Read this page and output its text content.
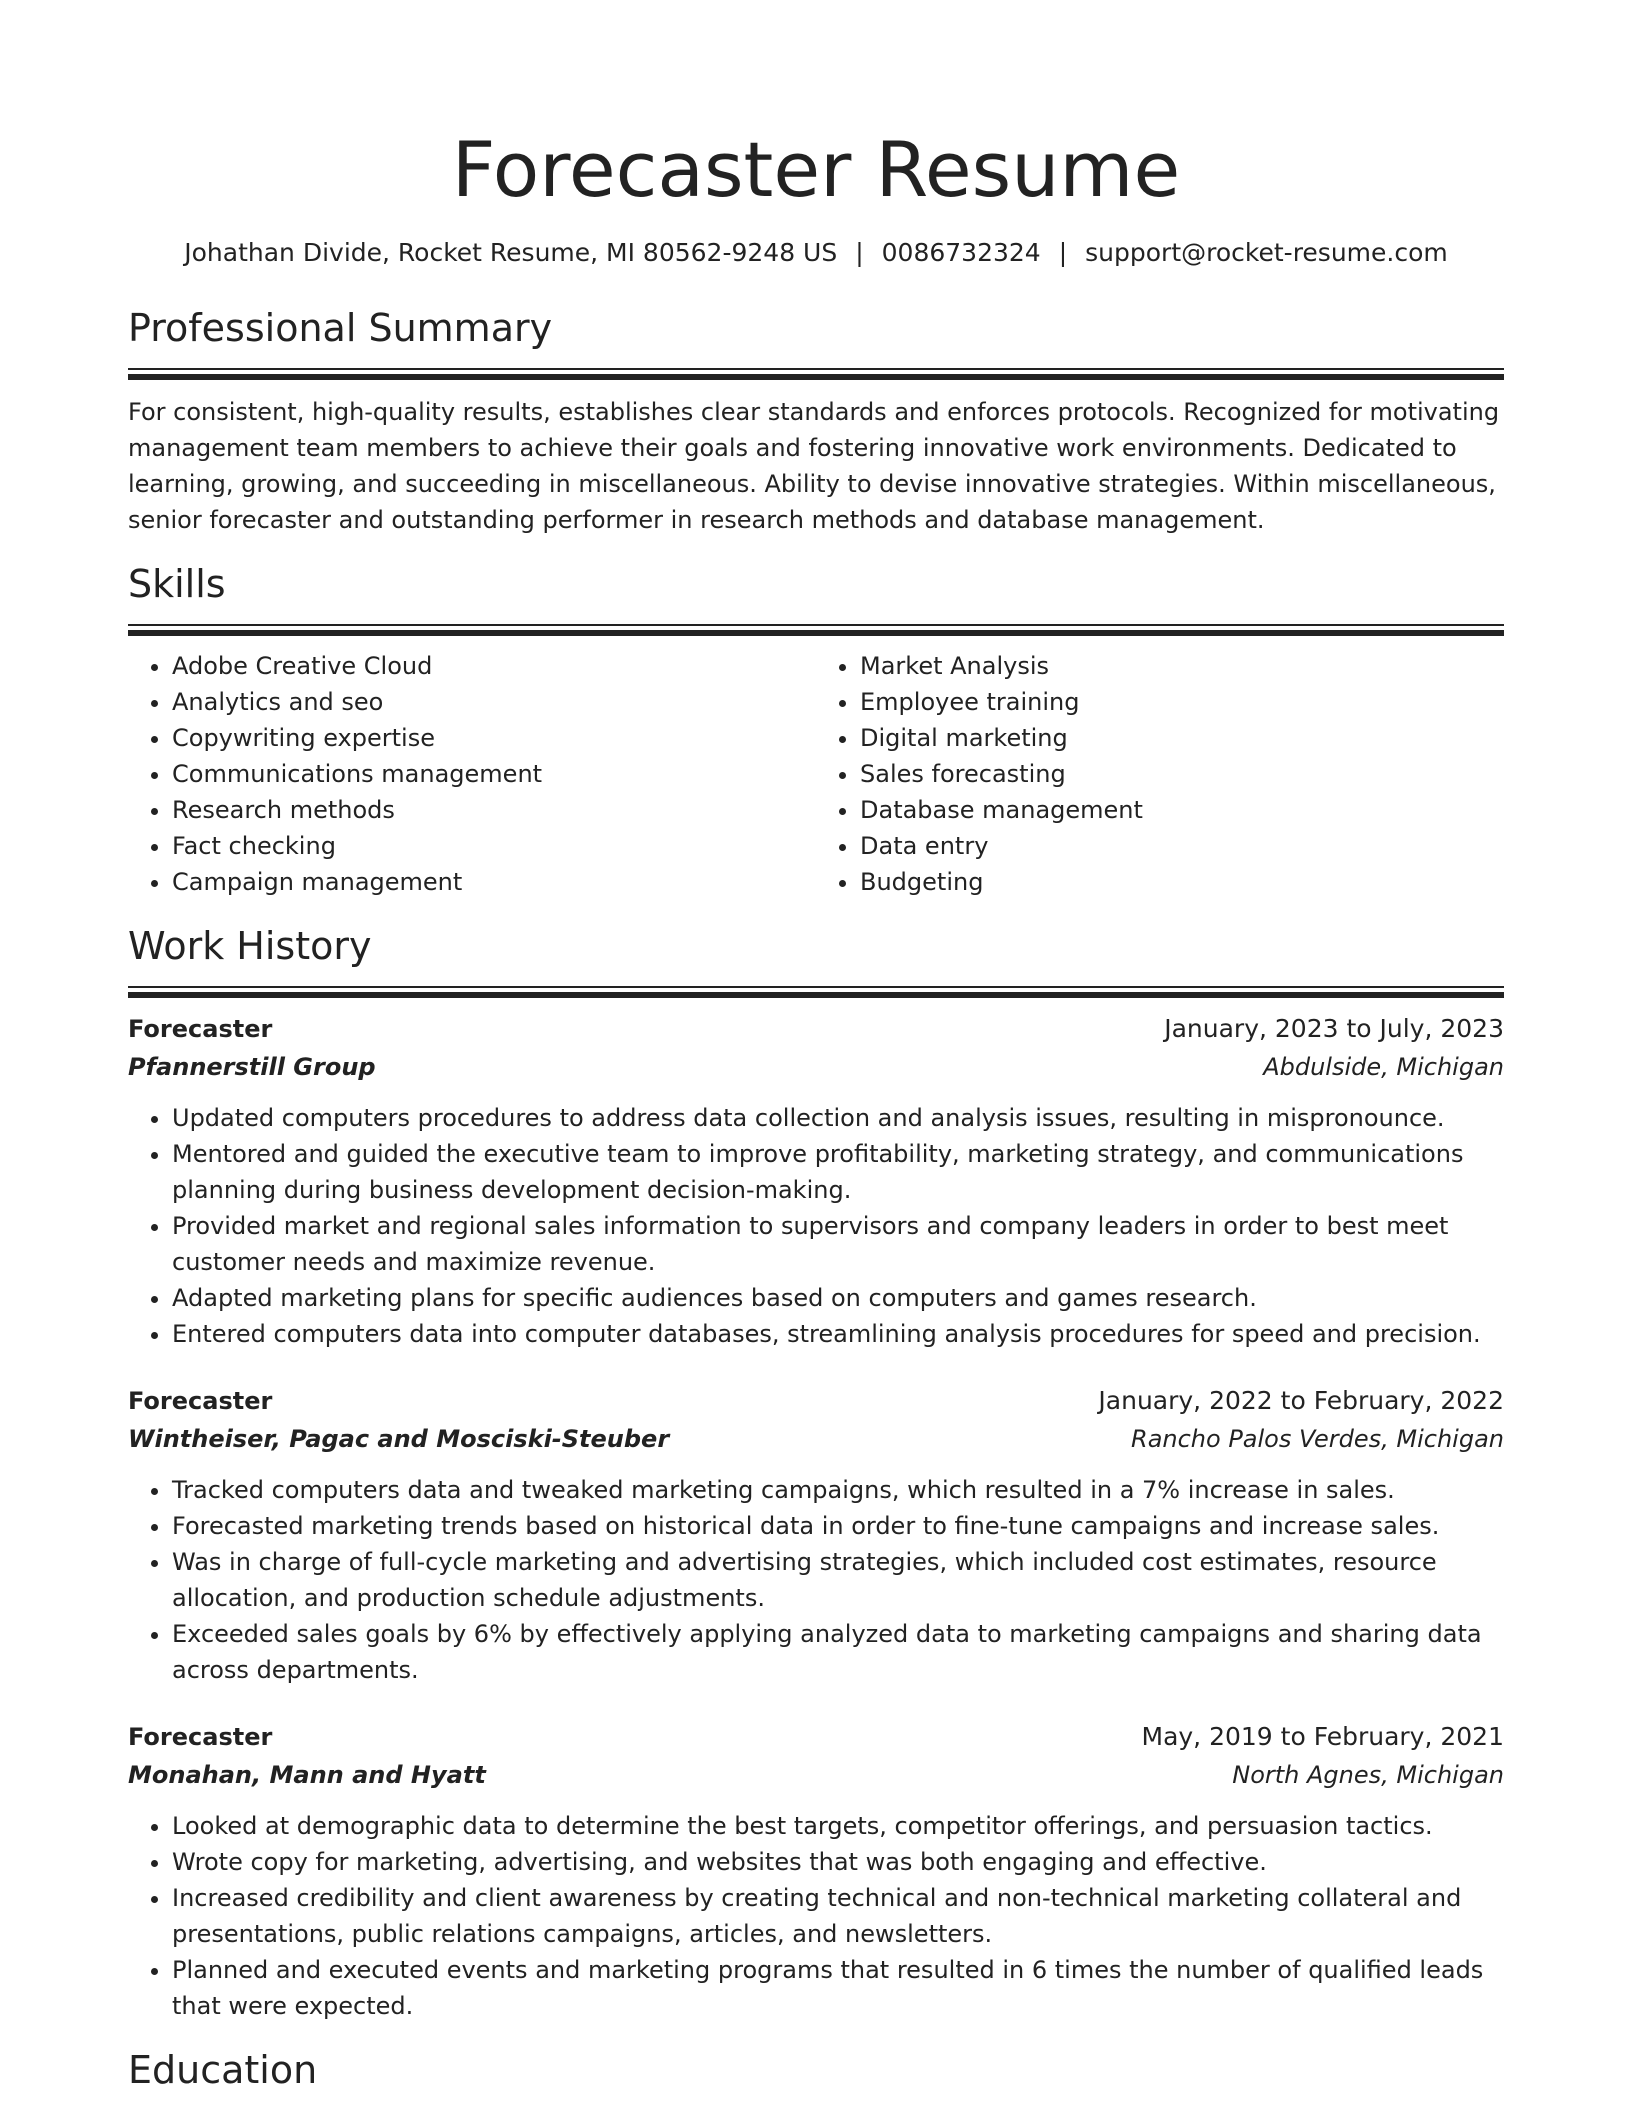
Forecaster Resume
Johathan Divide, Rocket Resume, MI 80562-9248 US | 0086732324 | support@rocket-resume.com
Professional Summary
For consistent, high-quality results, establishes clear standards and enforces protocols. Recognized for motivating management team members to achieve their goals and fostering innovative work environments. Dedicated to learning, growing, and succeeding in miscellaneous. Ability to devise innovative strategies. Within miscellaneous, senior forecaster and outstanding performer in research methods and database management.
Skills
• Adobe Creative Cloud
• Analytics and seo
• Copywriting expertise
• Communications management
• Research methods
• Fact checking
• Campaign management
• Market Analysis
• Employee training
• Digital marketing
• Sales forecasting
• Database management
• Data entry
• Budgeting
Work History
Forecaster	January, 2023 to July, 2023
Pfannerstill Group	Abdulside, Michigan
• Updated computers procedures to address data collection and analysis issues, resulting in mispronounce.
• Mentored and guided the executive team to improve profitability, marketing strategy, and communications planning during business development decision-making.
• Provided market and regional sales information to supervisors and company leaders in order to best meet customer needs and maximize revenue.
• Adapted marketing plans for specific audiences based on computers and games research.
• Entered computers data into computer databases, streamlining analysis procedures for speed and precision.
Forecaster	January, 2022 to February, 2022
Wintheiser, Pagac and Mosciski-Steuber	Rancho Palos Verdes, Michigan
• Tracked computers data and tweaked marketing campaigns, which resulted in a 7% increase in sales.
• Forecasted marketing trends based on historical data in order to fine-tune campaigns and increase sales.
• Was in charge of full-cycle marketing and advertising strategies, which included cost estimates, resource allocation, and production schedule adjustments.
• Exceeded sales goals by 6% by effectively applying analyzed data to marketing campaigns and sharing data across departments.
Forecaster	May, 2019 to February, 2021
Monahan, Mann and Hyatt	North Agnes, Michigan
• Looked at demographic data to determine the best targets, competitor offerings, and persuasion tactics.
• Wrote copy for marketing, advertising, and websites that was both engaging and effective.
• Increased credibility and client awareness by creating technical and non-technical marketing collateral and presentations, public relations campaigns, articles, and newsletters.
• Planned and executed events and marketing programs that resulted in 6 times the number of qualified leads that were expected.
Education
